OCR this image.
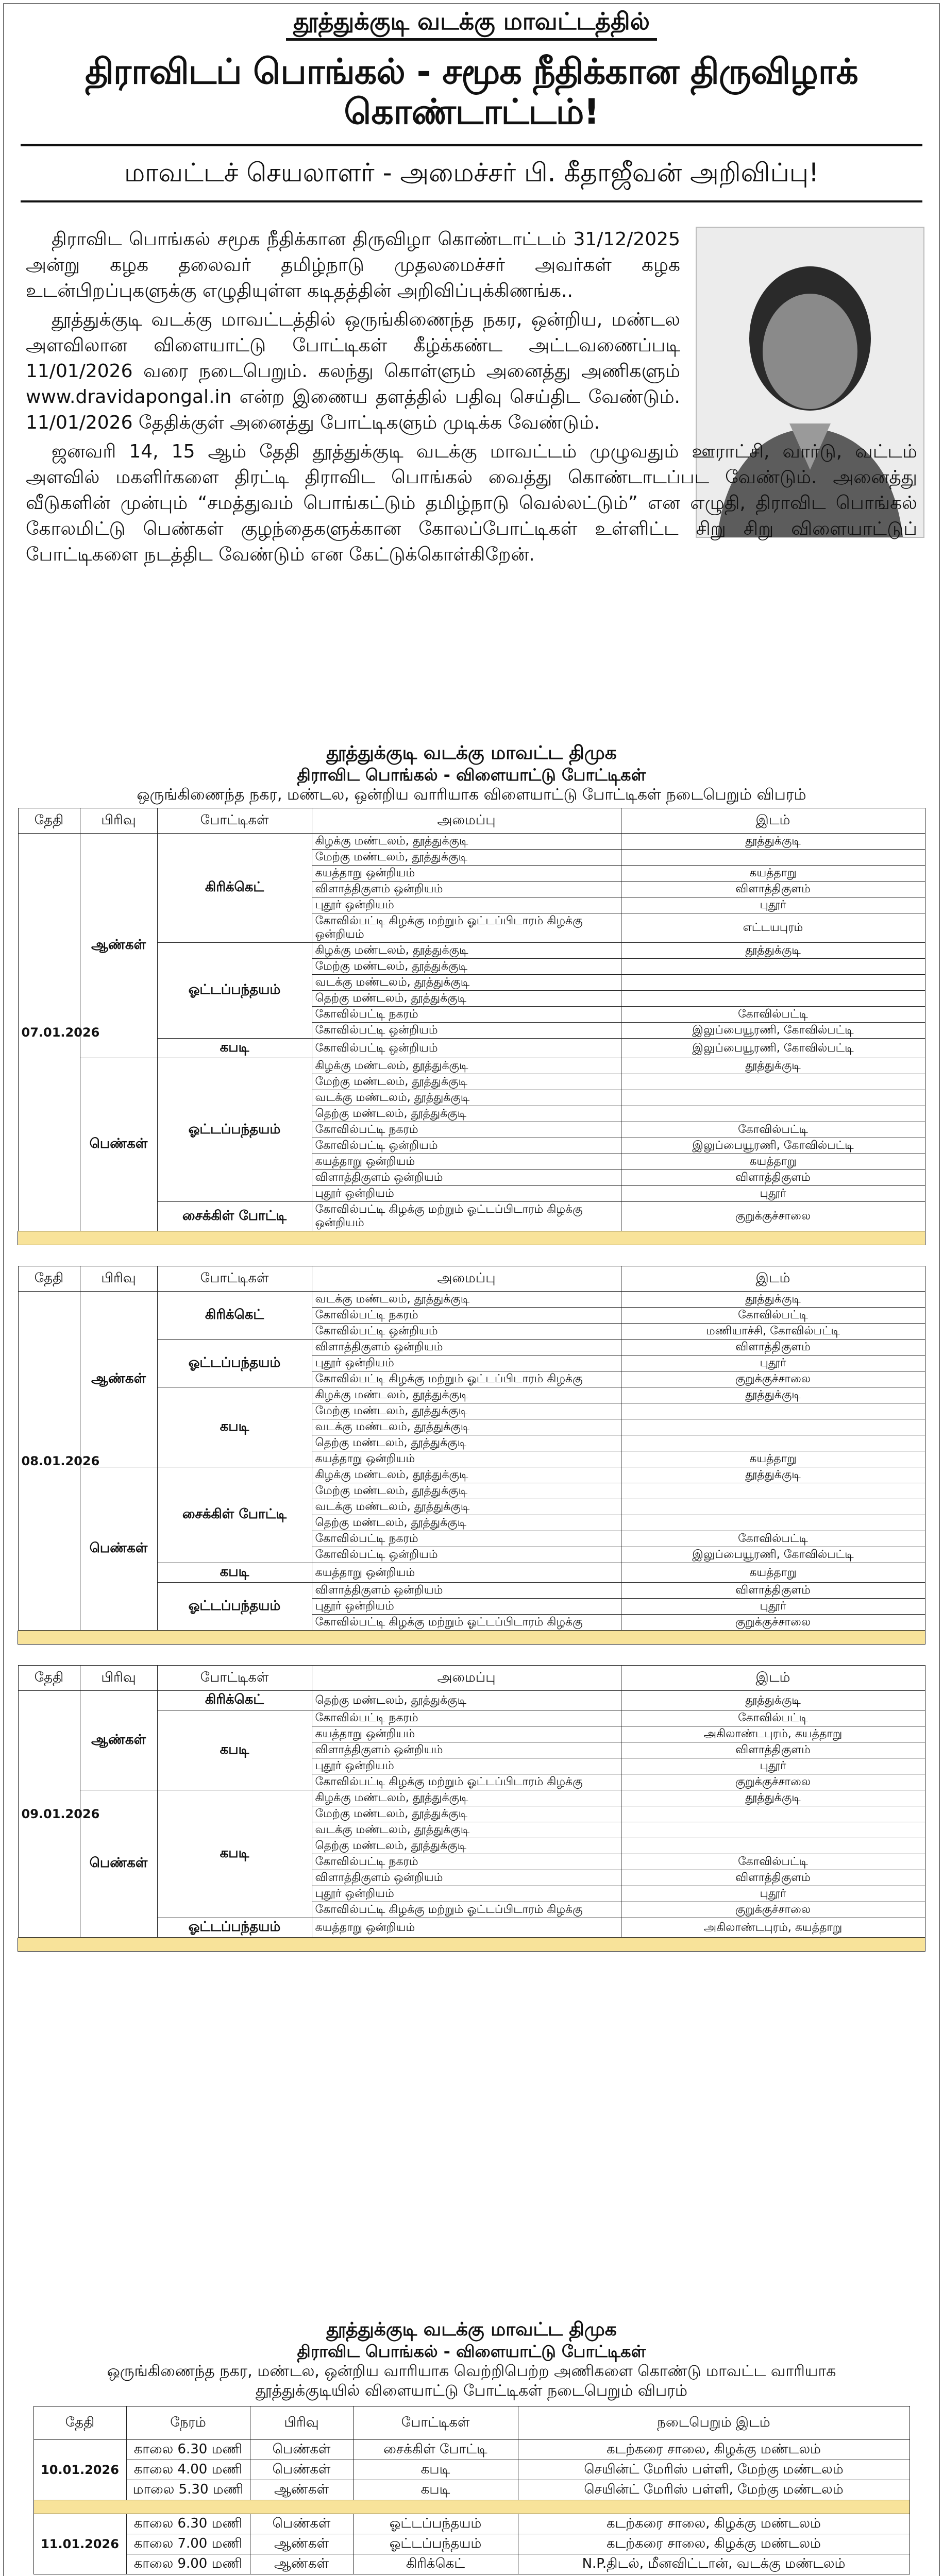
தூத்துக்குடி வடக்கு மாவட்டத்தில்
திராவிடப் பொங்கல் - சமூக நீதிக்கான திருவிழாக் கொண்டாட்டம்!
மாவட்டச் செயலாளர் - அமைச்சர் பி. கீதாஜீவன் அறிவிப்பு!

திராவிட பொங்கல் சமூக நீதிக்கான திருவிழா கொண்டாட்டம் 31/12/2025 அன்று கழக தலைவர் தமிழ்நாடு முதலமைச்சர் அவர்கள் கழக உடன்பிறப்புகளுக்கு எழுதியுள்ள கடிதத்தின் அறிவிப்புக்கிணங்க..

தூத்துக்குடி வடக்கு மாவட்டத்தில் ஒருங்கிணைந்த நகர, ஒன்றிய, மண்டல அளவிலான விளையாட்டு போட்டிகள் கீழ்க்கண்ட அட்டவணைப்படி 11/01/2026 வரை நடைபெறும். கலந்து கொள்ளும் அனைத்து அணிகளும் www.dravidapongal.in என்ற இணைய தளத்தில் பதிவு செய்திட வேண்டும். 11/01/2026 தேதிக்குள் அனைத்து போட்டிகளும் முடிக்க வேண்டும்.

ஜனவரி 14, 15 ஆம் தேதி தூத்துக்குடி வடக்கு மாவட்டம் முழுவதும் ஊராட்சி, வார்டு, வட்டம் அளவில் மகளிர்களை திரட்டி திராவிட பொங்கல் வைத்து கொண்டாடப்பட வேண்டும். அனைத்து வீடுகளின் முன்பும் “சமத்துவம் பொங்கட்டும் தமிழ்நாடு வெல்லட்டும்” என எழுதி, திராவிட பொங்கல் கோலமிட்டு பெண்கள் குழந்தைகளுக்கான கோலப்போட்டிகள் உள்ளிட்ட சிறு சிறு விளையாட்டுப் போட்டிகளை நடத்திட வேண்டும் என கேட்டுக்கொள்கிறேன்.

தூத்துக்குடி வடக்கு மாவட்ட திமுக
திராவிட பொங்கல் - விளையாட்டு போட்டிகள்
ஒருங்கிணைந்த நகர, மண்டல, ஒன்றிய வாரியாக விளையாட்டு போட்டிகள் நடைபெறும் விபரம்
தேதி	பிரிவு	போட்டிகள்	அமைப்பு	இடம்
07.01.2026	ஆண்கள்	கிரிக்கெட்	கிழக்கு மண்டலம், தூத்துக்குடி	தூத்துக்குடி
			மேற்கு மண்டலம், தூத்துக்குடி	
			கயத்தாறு ஒன்றியம்	கயத்தாறு
			விளாத்திகுளம் ஒன்றியம்	விளாத்திகுளம்
			புதூர் ஒன்றியம்	புதூர்
			கோவில்பட்டி கிழக்கு மற்றும் ஓட்டப்பிடாரம் கிழக்கு ஒன்றியம்	எட்டயபுரம்
		ஓட்டப்பந்தயம்	கிழக்கு மண்டலம், தூத்துக்குடி	தூத்துக்குடி
			மேற்கு மண்டலம், தூத்துக்குடி	
			வடக்கு மண்டலம், தூத்துக்குடி	
			தெற்கு மண்டலம், தூத்துக்குடி	
			கோவில்பட்டி நகரம்	கோவில்பட்டி
			கோவில்பட்டி ஒன்றியம்	இலுப்பையூரணி, கோவில்பட்டி
		கபடி	கோவில்பட்டி ஒன்றியம்	இலுப்பையூரணி, கோவில்பட்டி
	பெண்கள்	ஓட்டப்பந்தயம்	கிழக்கு மண்டலம், தூத்துக்குடி	தூத்துக்குடி
			மேற்கு மண்டலம், தூத்துக்குடி	
			வடக்கு மண்டலம், தூத்துக்குடி	
			தெற்கு மண்டலம், தூத்துக்குடி	
			கோவில்பட்டி நகரம்	கோவில்பட்டி
			கோவில்பட்டி ஒன்றியம்	இலுப்பையூரணி, கோவில்பட்டி
			கயத்தாறு ஒன்றியம்	கயத்தாறு
			விளாத்திகுளம் ஒன்றியம்	விளாத்திகுளம்
			புதூர் ஒன்றியம்	புதூர்
		சைக்கிள் போட்டி	கோவில்பட்டி கிழக்கு மற்றும் ஓட்டப்பிடாரம் கிழக்கு ஒன்றியம்	குறுக்குச்சாலை
தேதி	பிரிவு	போட்டிகள்	அமைப்பு	இடம்
08.01.2026	ஆண்கள்	கிரிக்கெட்	வடக்கு மண்டலம், தூத்துக்குடி	தூத்துக்குடி
			கோவில்பட்டி நகரம்	கோவில்பட்டி
			கோவில்பட்டி ஒன்றியம்	மணியாச்சி, கோவில்பட்டி
		ஓட்டப்பந்தயம்	விளாத்திகுளம் ஒன்றியம்	விளாத்திகுளம்
			புதூர் ஒன்றியம்	புதூர்
			கோவில்பட்டி கிழக்கு மற்றும் ஓட்டப்பிடாரம் கிழக்கு	குறுக்குச்சாலை
		கபடி	கிழக்கு மண்டலம், தூத்துக்குடி	தூத்துக்குடி
			மேற்கு மண்டலம், தூத்துக்குடி	
			வடக்கு மண்டலம், தூத்துக்குடி	
			தெற்கு மண்டலம், தூத்துக்குடி	
			கயத்தாறு ஒன்றியம்	கயத்தாறு
	பெண்கள்	சைக்கிள் போட்டி	கிழக்கு மண்டலம், தூத்துக்குடி	தூத்துக்குடி
			மேற்கு மண்டலம், தூத்துக்குடி	
			வடக்கு மண்டலம், தூத்துக்குடி	
			தெற்கு மண்டலம், தூத்துக்குடி	
			கோவில்பட்டி நகரம்	கோவில்பட்டி
			கோவில்பட்டி ஒன்றியம்	இலுப்பையூரணி, கோவில்பட்டி
		கபடி	கயத்தாறு ஒன்றியம்	கயத்தாறு
		ஓட்டப்பந்தயம்	விளாத்திகுளம் ஒன்றியம்	விளாத்திகுளம்
			புதூர் ஒன்றியம்	புதூர்
			கோவில்பட்டி கிழக்கு மற்றும் ஓட்டப்பிடாரம் கிழக்கு	குறுக்குச்சாலை
தேதி	பிரிவு	போட்டிகள்	அமைப்பு	இடம்
09.01.2026	ஆண்கள்	கிரிக்கெட்	தெற்கு மண்டலம், தூத்துக்குடி	தூத்துக்குடி
		கபடி	கோவில்பட்டி நகரம்	கோவில்பட்டி
			கயத்தாறு ஒன்றியம்	அகிலாண்டபுரம், கயத்தாறு
			விளாத்திகுளம் ஒன்றியம்	விளாத்திகுளம்
			புதூர் ஒன்றியம்	புதூர்
			கோவில்பட்டி கிழக்கு மற்றும் ஓட்டப்பிடாரம் கிழக்கு	குறுக்குச்சாலை
	பெண்கள்	கபடி	கிழக்கு மண்டலம், தூத்துக்குடி	தூத்துக்குடி
			மேற்கு மண்டலம், தூத்துக்குடி	
			வடக்கு மண்டலம், தூத்துக்குடி	
			தெற்கு மண்டலம், தூத்துக்குடி	
			கோவில்பட்டி நகரம்	கோவில்பட்டி
			விளாத்திகுளம் ஒன்றியம்	விளாத்திகுளம்
			புதூர் ஒன்றியம்	புதூர்
			கோவில்பட்டி கிழக்கு மற்றும் ஓட்டப்பிடாரம் கிழக்கு	குறுக்குச்சாலை
		ஓட்டப்பந்தயம்	கயத்தாறு ஒன்றியம்	அகிலாண்டபுரம், கயத்தாறு
தூத்துக்குடி வடக்கு மாவட்ட திமுக
திராவிட பொங்கல் - விளையாட்டு போட்டிகள்
ஒருங்கிணைந்த நகர, மண்டல, ஒன்றிய வாரியாக வெற்றிபெற்ற அணிகளை கொண்டு மாவட்ட வாரியாக தூத்துக்குடியில் விளையாட்டு போட்டிகள் நடைபெறும் விபரம்
தேதி	நேரம்	பிரிவு	போட்டிகள்	நடைபெறும் இடம்
10.01.2026	காலை 6.30 மணி	பெண்கள்	சைக்கிள் போட்டி	கடற்கரை சாலை, கிழக்கு மண்டலம்
	காலை 4.00 மணி	பெண்கள்	கபடி	செயின்ட் மேரிஸ் பள்ளி, மேற்கு மண்டலம்
	மாலை 5.30 மணி	ஆண்கள்	கபடி	செயின்ட் மேரிஸ் பள்ளி, மேற்கு மண்டலம்

11.01.2026	காலை 6.30 மணி	பெண்கள்	ஓட்டப்பந்தயம்	கடற்கரை சாலை, கிழக்கு மண்டலம்
	காலை 7.00 மணி	ஆண்கள்	ஓட்டப்பந்தயம்	கடற்கரை சாலை, கிழக்கு மண்டலம்
	காலை 9.00 மணி	ஆண்கள்	கிரிக்கெட்	N.P.திடல், மீனவிட்டான், வடக்கு மண்டலம்
